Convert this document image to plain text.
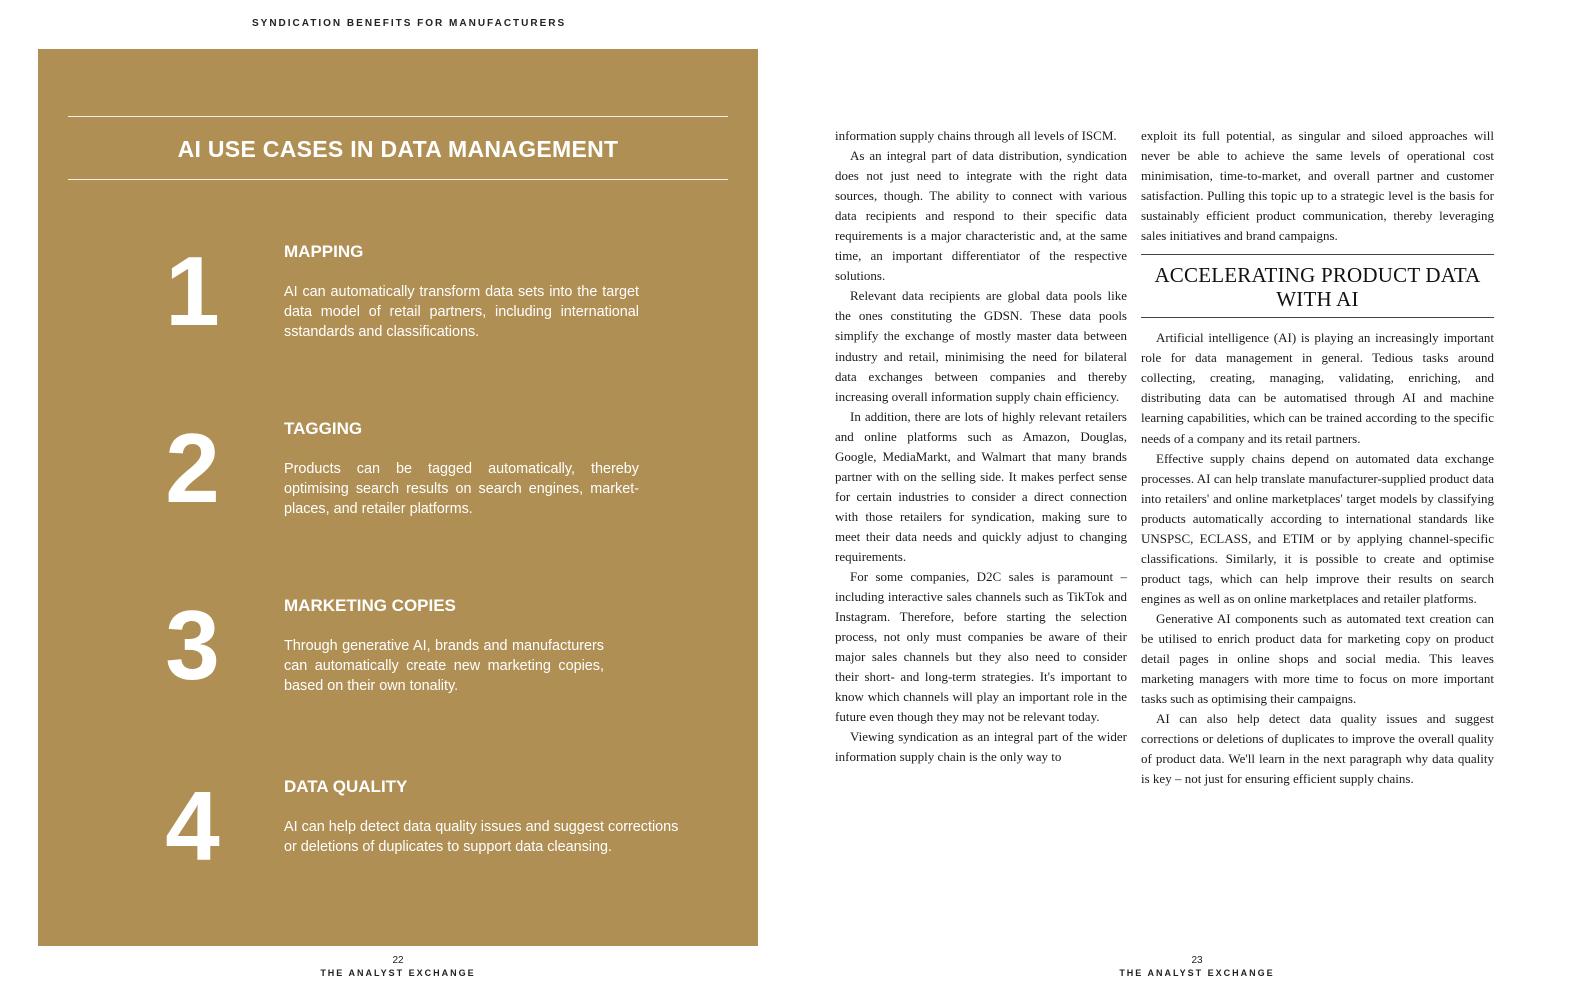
SYNDICATION BENEFITS FOR MANUFACTURERS
AI USE CASES IN DATA MANAGEMENT
1	MAPPING
AI can automatically transform data sets into the target data model of retail partners, including international sstandards and classifications.
2	TAGGING
Products can be tagged automatically, thereby optimising search results on search engines, market-places, and retailer platforms.
3	MARKETING COPIES
Through generative AI, brands and manufacturers can automatically create new marketing copies, based on their own tonality.
4	DATA QUALITY
AI can help detect data quality issues and suggest corrections or deletions of duplicates to support data cleansing.

information supply chains through all levels of ISCM.

As an integral part of data distribution, syndication does not just need to integrate with the right data sources, though. The ability to connect with various data recipients and respond to their specific data requirements is a major characteristic and, at the same time, an important differentiator of the respective solutions.

Relevant data recipients are global data pools like the ones constituting the GDSN. These data pools simplify the exchange of mostly master data between industry and retail, minimising the need for bilateral data exchanges between companies and thereby increasing overall information supply chain efficiency.

In addition, there are lots of highly relevant retailers and online platforms such as Amazon, Douglas, Google, MediaMarkt, and Walmart that many brands partner with on the selling side. It makes perfect sense for certain industries to consider a direct connection with those retailers for syndication, making sure to meet their data needs and quickly adjust to changing requirements.

For some companies, D2C sales is paramount – including interactive sales channels such as TikTok and Instagram. Therefore, before starting the selection process, not only must companies be aware of their major sales channels but they also need to consider their short- and long-term strategies. It's important to know which channels will play an important role in the future even though they may not be relevant today.

Viewing syndication as an integral part of the wider information supply chain is the only way to

exploit its full potential, as singular and siloed approaches will never be able to achieve the same levels of operational cost minimisation, time-to-market, and overall partner and customer satisfaction. Pulling this topic up to a strategic level is the basis for sustainably efficient product communication, thereby leveraging sales initiatives and brand campaigns.

ACCELERATING PRODUCT DATA
WITH AI

Artificial intelligence (AI) is playing an increasingly important role for data management in general. Tedious tasks around collecting, creating, managing, validating, enriching, and distributing data can be automatised through AI and machine learning capabilities, which can be trained according to the specific needs of a company and its retail partners.

Effective supply chains depend on automated data exchange processes. AI can help translate manufacturer-supplied product data into retailers' and online marketplaces' target models by classifying products automatically according to international standards like UNSPSC, ECLASS, and ETIM or by applying channel-specific classifications. Similarly, it is possible to create and optimise product tags, which can help improve their results on search engines as well as on online marketplaces and retailer platforms.

Generative AI components such as automated text creation can be utilised to enrich product data for marketing copy on product detail pages in online shops and social media. This leaves marketing managers with more time to focus on more important tasks such as optimising their campaigns.

AI can also help detect data quality issues and suggest corrections or deletions of duplicates to improve the overall quality of product data. We'll learn in the next paragraph why data quality is key – not just for ensuring efficient supply chains.

22
THE ANALYST EXCHANGE
23
THE ANALYST EXCHANGE
